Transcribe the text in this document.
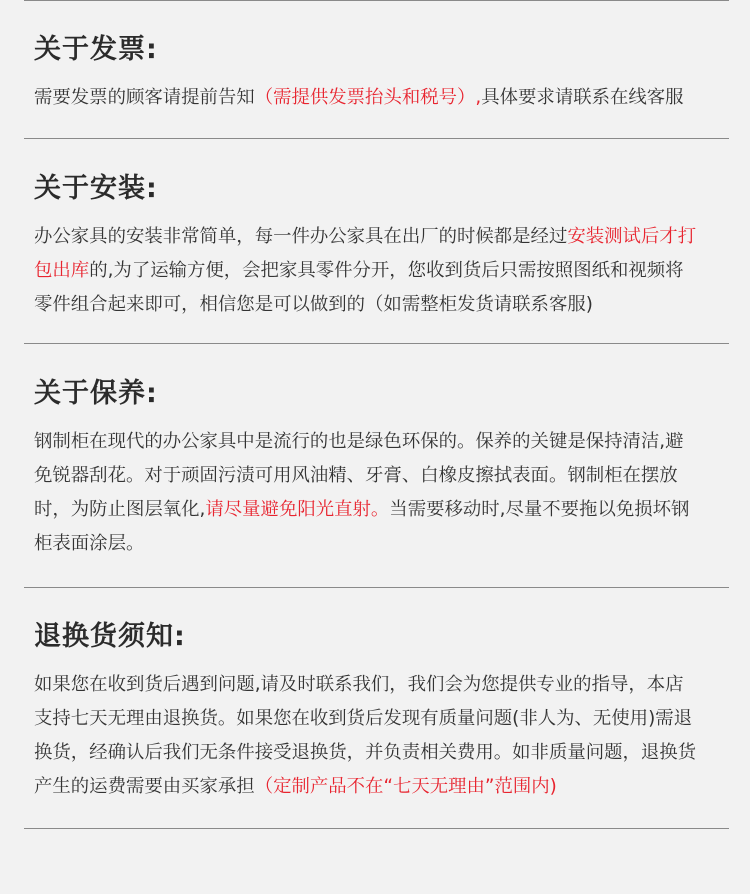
关于发票:

需要发票的顾客请提前告知（需提供发票抬头和税号）,具体要求请联系在线客服

关于安装:

办公家具的安装非常简单，每一件办公家具在出厂的时候都是经过安装测试后才打

包出库的,为了运输方便，会把家具零件分开，您收到货后只需按照图纸和视频将

零件组合起来即可，相信您是可以做到的（如需整柜发货请联系客服)

关于保养:

钢制柜在现代的办公家具中是流行的也是绿色环保的。保养的关键是保持清洁,避

免锐器刮花。对于顽固污渍可用风油精、牙膏、白橡皮擦拭表面。钢制柜在摆放

时，为防止图层氧化,请尽量避免阳光直射。当需要移动时,尽量不要拖以免损坏钢

柜表面涂层。

退换货须知:

如果您在收到货后遇到问题,请及时联系我们，我们会为您提供专业的指导，本店

支持七天无理由退换货。如果您在收到货后发现有质量问题(非人为、无使用)需退

换货，经确认后我们无条件接受退换货，并负责相关费用。如非质量问题，退换货

产生的运费需要由买家承担（定制产品不在“七天无理由”范围内)
